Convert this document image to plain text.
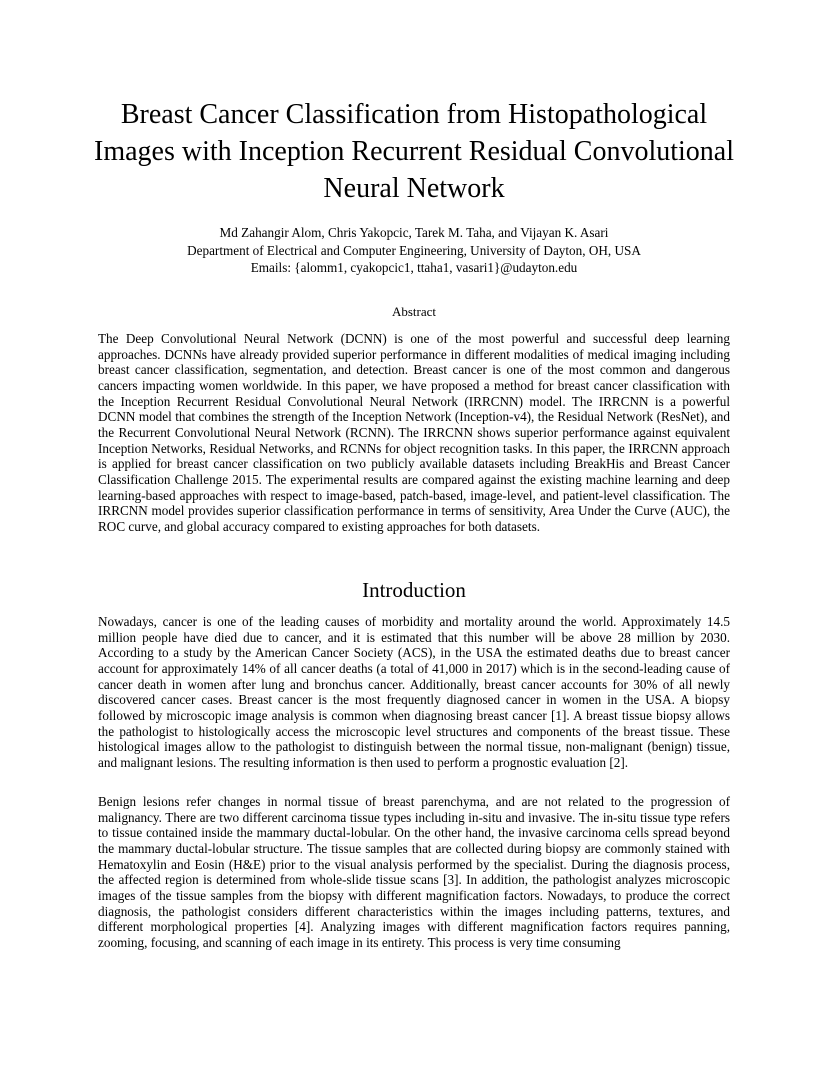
Breast Cancer Classification from Histopathological
Images with Inception Recurrent Residual Convolutional
Neural Network
Md Zahangir Alom, Chris Yakopcic, Tarek M. Taha, and Vijayan K. Asari
Department of Electrical and Computer Engineering, University of Dayton, OH, USA
Emails: {alomm1, cyakopcic1, ttaha1, vasari1}@udayton.edu
Abstract

The Deep Convolutional Neural Network (DCNN) is one of the most powerful and successful deep learning approaches. DCNNs have already provided superior performance in different modalities of medical imaging including breast cancer classification, segmentation, and detection. Breast cancer is one of the most common and dangerous cancers impacting women worldwide. In this paper, we have proposed a method for breast cancer classification with the Inception Recurrent Residual Convolutional Neural Network (IRRCNN) model. The IRRCNN is a powerful DCNN model that combines the strength of the Inception Network (Inception-v4), the Residual Network (ResNet), and the Recurrent Convolutional Neural Network (RCNN). The IRRCNN shows superior performance against equivalent Inception Networks, Residual Networks, and RCNNs for object recognition tasks. In this paper, the IRRCNN approach is applied for breast cancer classification on two publicly available datasets including BreakHis and Breast Cancer Classification Challenge 2015. The experimental results are compared against the existing machine learning and deep learning-based approaches with respect to image-based, patch-based, image-level, and patient-level classification. The IRRCNN model provides superior classification performance in terms of sensitivity, Area Under the Curve (AUC), the ROC curve, and global accuracy compared to existing approaches for both datasets.

Introduction

Nowadays, cancer is one of the leading causes of morbidity and mortality around the world. Approximately 14.5 million people have died due to cancer, and it is estimated that this number will be above 28 million by 2030. According to a study by the American Cancer Society (ACS), in the USA the estimated deaths due to breast cancer account for approximately 14% of all cancer deaths (a total of 41,000 in 2017) which is in the second-leading cause of cancer death in women after lung and bronchus cancer. Additionally, breast cancer accounts for 30% of all newly discovered cancer cases. Breast cancer is the most frequently diagnosed cancer in women in the USA. A biopsy followed by microscopic image analysis is common when diagnosing breast cancer [1]. A breast tissue biopsy allows the pathologist to histologically access the microscopic level structures and components of the breast tissue. These histological images allow to the pathologist to distinguish between the normal tissue, non-malignant (benign) tissue, and malignant lesions. The resulting information is then used to perform a prognostic evaluation [2].

Benign lesions refer changes in normal tissue of breast parenchyma, and are not related to the progression of malignancy. There are two different carcinoma tissue types including in-situ and invasive. The in-situ tissue type refers to tissue contained inside the mammary ductal-lobular. On the other hand, the invasive carcinoma cells spread beyond the mammary ductal-lobular structure. The tissue samples that are collected during biopsy are commonly stained with Hematoxylin and Eosin (H&E) prior to the visual analysis performed by the specialist. During the diagnosis process, the affected region is determined from whole-slide tissue scans [3]. In addition, the pathologist analyzes microscopic images of the tissue samples from the biopsy with different magnification factors. Nowadays, to produce the correct diagnosis, the pathologist considers different characteristics within the images including patterns, textures, and different morphological properties [4]. Analyzing images with different magnification factors requires panning, zooming, focusing, and scanning of each image in its entirety. This process is very time consuming
